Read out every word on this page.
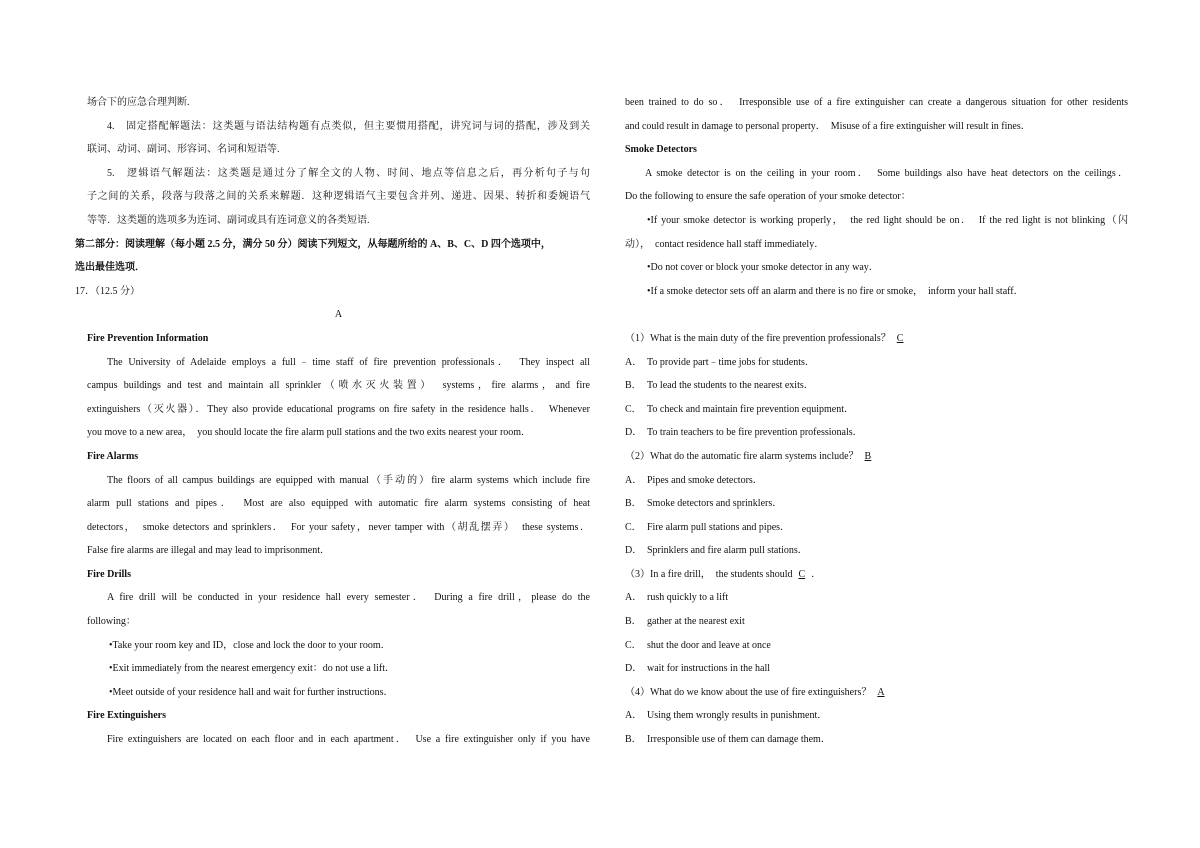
场合下的应急合理判断.
4.　固定搭配解题法：这类题与语法结构题有点类似，但主要惯用搭配，讲究词与词的搭配，涉及到关
联词、动词、副词、形容词、名词和短语等.
5.　逻辑语气解题法：这类题是通过分了解全文的人物、时间、地点等信息之后，再分析句子与句
子之间的关系，段落与段落之间的关系来解题．这种逻辑语气主要包含并列、递进、因果、转折和委婉语气
等等．这类题的选项多为连词、副词或具有连词意义的各类短语.
第二部分：阅读理解（每小题 2.5 分，满分 50 分）阅读下列短文，从每题所给的 A、B、C、D 四个选项中，
选出最佳选项．
17．（12.5 分）
A
Fire Prevention Information
The University of Adelaide employs a full﹣time staff of fire prevention professionals．　They inspect all
campus buildings and test and maintain all sprinkler（喷水灭火装置）　systems，fire alarms，and fire
extinguishers（灭火器）．They also provide educational programs on fire safety in the residence halls．　Whenever
you move to a new area，　you should locate the fire alarm pull stations and the two exits nearest your room．
Fire Alarms
The floors of all campus buildings are equipped with manual（手动的）fire alarm systems which include fire
alarm pull stations and pipes．　Most are also equipped with automatic fire alarm systems consisting of heat
detectors，　smoke detectors and sprinklers．　For your safety，never tamper with（胡乱摆弄）　these systems．
False fire alarms are illegal and may lead to imprisonment．
Fire Drills
A fire drill will be conducted in your residence hall every semester．　During a fire drill，please do the
following：
•Take your room key and ID，close and lock the door to your room．
•Exit immediately from the nearest emergency exit：do not use a lift．
•Meet outside of your residence hall and wait for further instructions．
Fire Extinguishers
Fire extinguishers are located on each floor and in each apartment．　Use a fire extinguisher only if you have
been trained to do so．　Irresponsible use of a fire extinguisher can create a dangerous situation for other residents
and could result in damage to personal property．　Misuse of a fire extinguisher will result in fines．
Smoke Detectors
A smoke detector is on the ceiling in your room．　Some buildings also have heat detectors on the ceilings．
Do the following to ensure the safe operation of your smoke detector：
•If your smoke detector is working properly，　the red light should be on．　If the red light is not blinking（闪
动），　contact residence hall staff immediately．
•Do not cover or block your smoke detector in any way．
•If a smoke detector sets off an alarm and there is no fire or smoke，　inform your hall staff．
（1）What is the main duty of the fire prevention professionals？ C
A． To provide part﹣time jobs for students．
B． To lead the students to the nearest exits．
C． To check and maintain fire prevention equipment．
D． To train teachers to be fire prevention professionals．
（2）What do the automatic fire alarm systems include？ B
A． Pipes and smoke detectors．
B． Smoke detectors and sprinklers．
C． Fire alarm pull stations and pipes．
D． Sprinklers and fire alarm pull stations．
（3）In a fire drill，　the students should C ．
A． rush quickly to a lift
B． gather at the nearest exit
C． shut the door and leave at once
D． wait for instructions in the hall
（4）What do we know about the use of fire extinguishers？ A
A． Using them wrongly results in punishment．
B． Irresponsible use of them can damage them．
